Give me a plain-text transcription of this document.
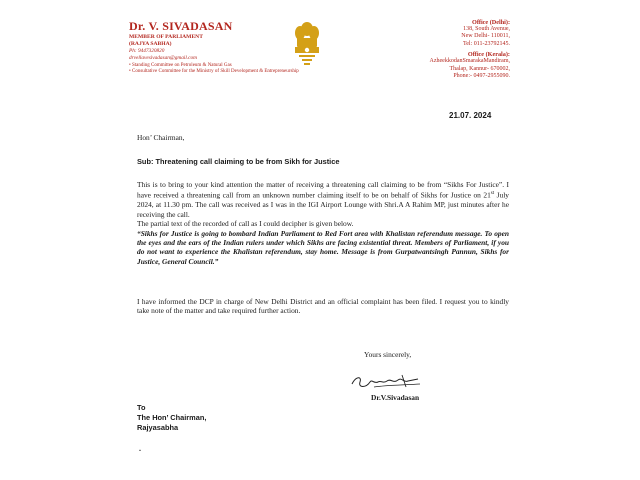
Dr. V. SIVADASAN
MEMBER OF PARLIAMENT
(RAJYA SABHA)
Ph: 9447320820
drvellavesivadasan@gmail.com
• Standing Committee on Petroleum & Natural Gas
• Consultative Committee for the Ministry of Skill Development & Entrepreneurship
Office (Delhi):
138, South Avenue,
New Delhi- 110011,
Tel: 011-23792145.
Office (Kerala):
AzheekkodanSmarakaMandiram,
Thalap, Kannur- 670002,
Phone:- 0497-2955090.
21.07. 2024
Hon’ Chairman,
Sub: Threatening call claiming to be from Sikh for Justice
This is to bring to your kind attention the matter of receiving a threatening call claiming to be from “Sikhs For Justice”. I have received a threatening call from an unknown number claiming itself to be on behalf of Sikhs for Justice on 21st July 2024, at 11.30 pm. The call was received as I was in the IGI Airport Lounge with Shri.A A Rahim MP, just minutes after he receiving the call.
The partial text of the recorded of call as I could decipher is given below.
“Sikhs for Justice is going to bombard Indian Parliament to Red Fort area with Khalistan referendum message. To open the eyes and the ears of the Indian rulers under which Sikhs are facing existential threat. Members of Parliament, if you do not want to experience the Khalistan referendum, stay home. Message is from Gurpatwantsingh Pannun, Sikhs for Justice, General Council.”
I have informed the DCP in charge of New Delhi District and an official complaint has been filed. I request you to kindly take note of the matter and take required further action.
Yours sincerely,
Dr.V.Sivadasan
To
The Hon’ Chairman,
Rajyasabha
.
